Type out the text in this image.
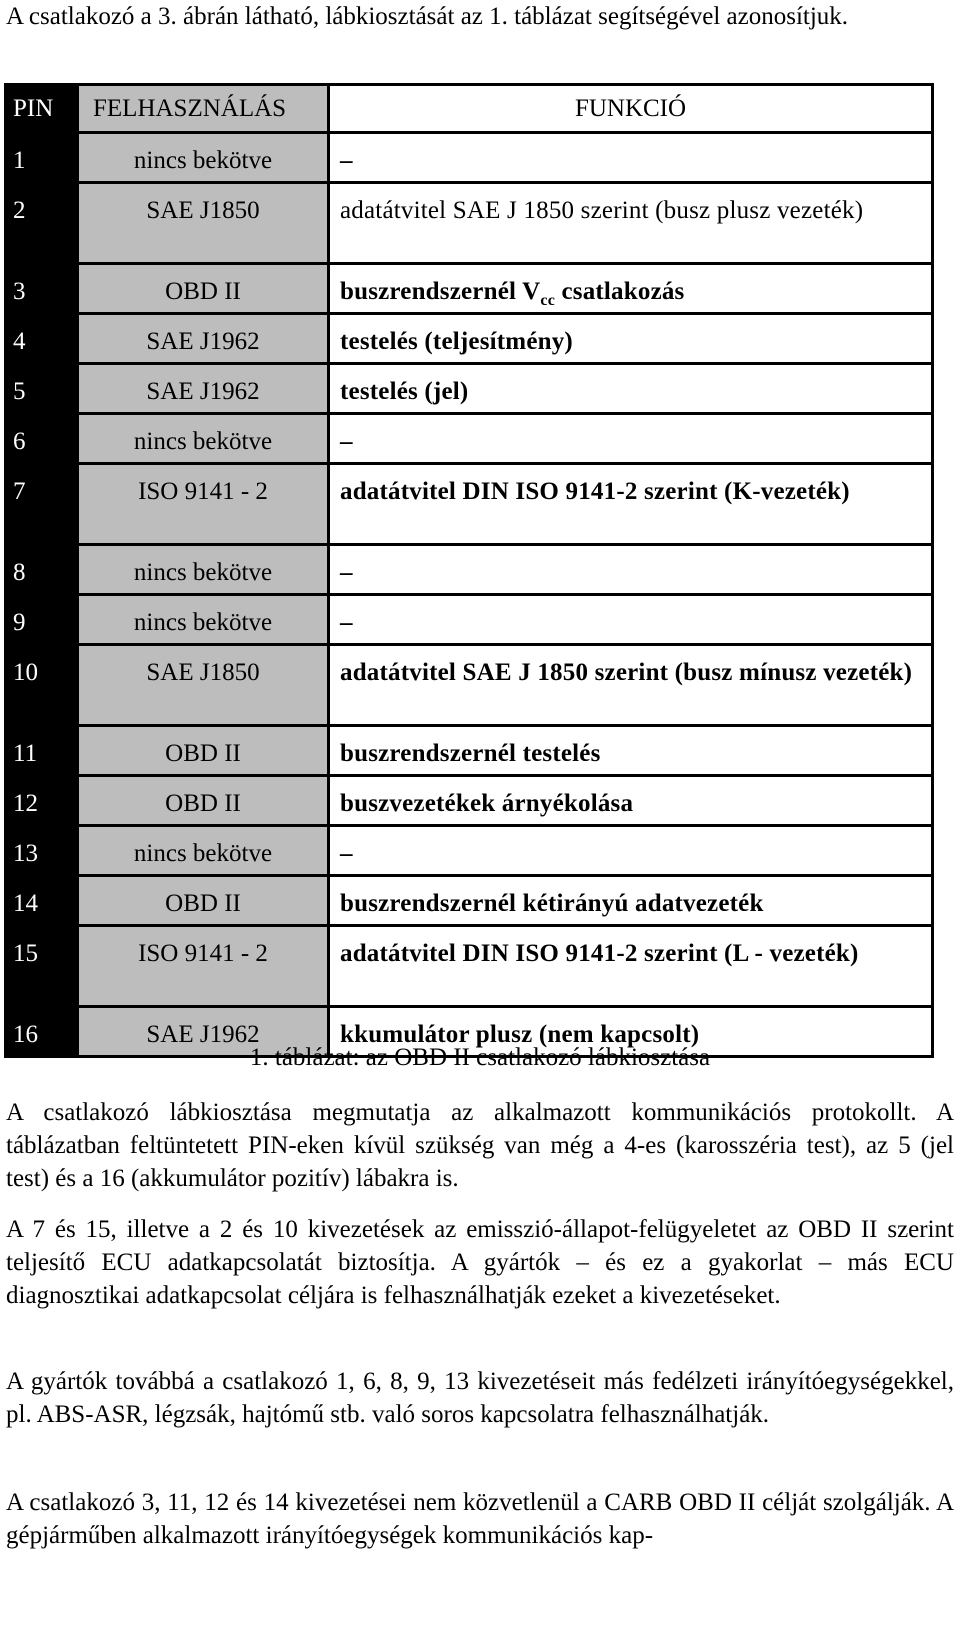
A csatlakozó a 3. ábrán látható, lábkiosztását az 1. táblázat segítségével azonosítjuk.

PIN	FELHASZNÁLÁS	FUNKCIÓ

1	nincs bekötve	–

2	SAE J1850	adatátvitel SAE J 1850 szerint (busz plusz vezeték)

3	OBD II	buszrendszernél $V_{cc}$ csatlakozás

4	SAE J1962	testelés (teljesítmény)

5	SAE J1962	testelés (jel)

6	nincs bekötve	–

7	ISO 9141 - 2	adatátvitel DIN ISO 9141-2 szerint (K-vezeték)

8	nincs bekötve	–

9	nincs bekötve	–

10	SAE J1850	adatátvitel SAE J 1850 szerint (busz mínusz vezeték)

11	OBD II	buszrendszernél testelés

12	OBD II	buszvezetékek árnyékolása

13	nincs bekötve	–

14	OBD II	buszrendszernél kétirányú adatvezeték

15	ISO 9141 - 2	adatátvitel DIN ISO 9141-2 szerint (L - vezeték)

16	SAE J1962	kkumulátor plusz (nem kapcsolt)
1. táblázat: az OBD II csatlakozó lábkiosztása

A csatlakozó lábkiosztása megmutatja az alkalmazott kommunikációs protokollt. A táblázatban feltüntetett PIN-eken kívül szükség van még a 4-es (karosszéria test), az 5 (jel test) és a 16 (akkumulátor pozitív) lábakra is.

A 7 és 15, illetve a 2 és 10 kivezetések az emisszió-állapot-felügyeletet az OBD II szerint teljesítő ECU adatkapcsolatát biztosítja. A gyártók – és ez a gyakorlat – más ECU diagnosztikai adatkapcsolat céljára is felhasználhatják ezeket a kivezetéseket.

A gyártók továbbá a csatlakozó 1, 6, 8, 9, 13 kivezetéseit más fedélzeti irányítóegységekkel, pl. ABS-ASR, légzsák, hajtómű stb. való soros kapcsolatra felhasználhatják.

A csatlakozó 3, 11, 12 és 14 kivezetései nem közvetlenül a CARB OBD II célját szolgálják. A gépjárműben alkalmazott irányítóegységek kommunikációs kap-
